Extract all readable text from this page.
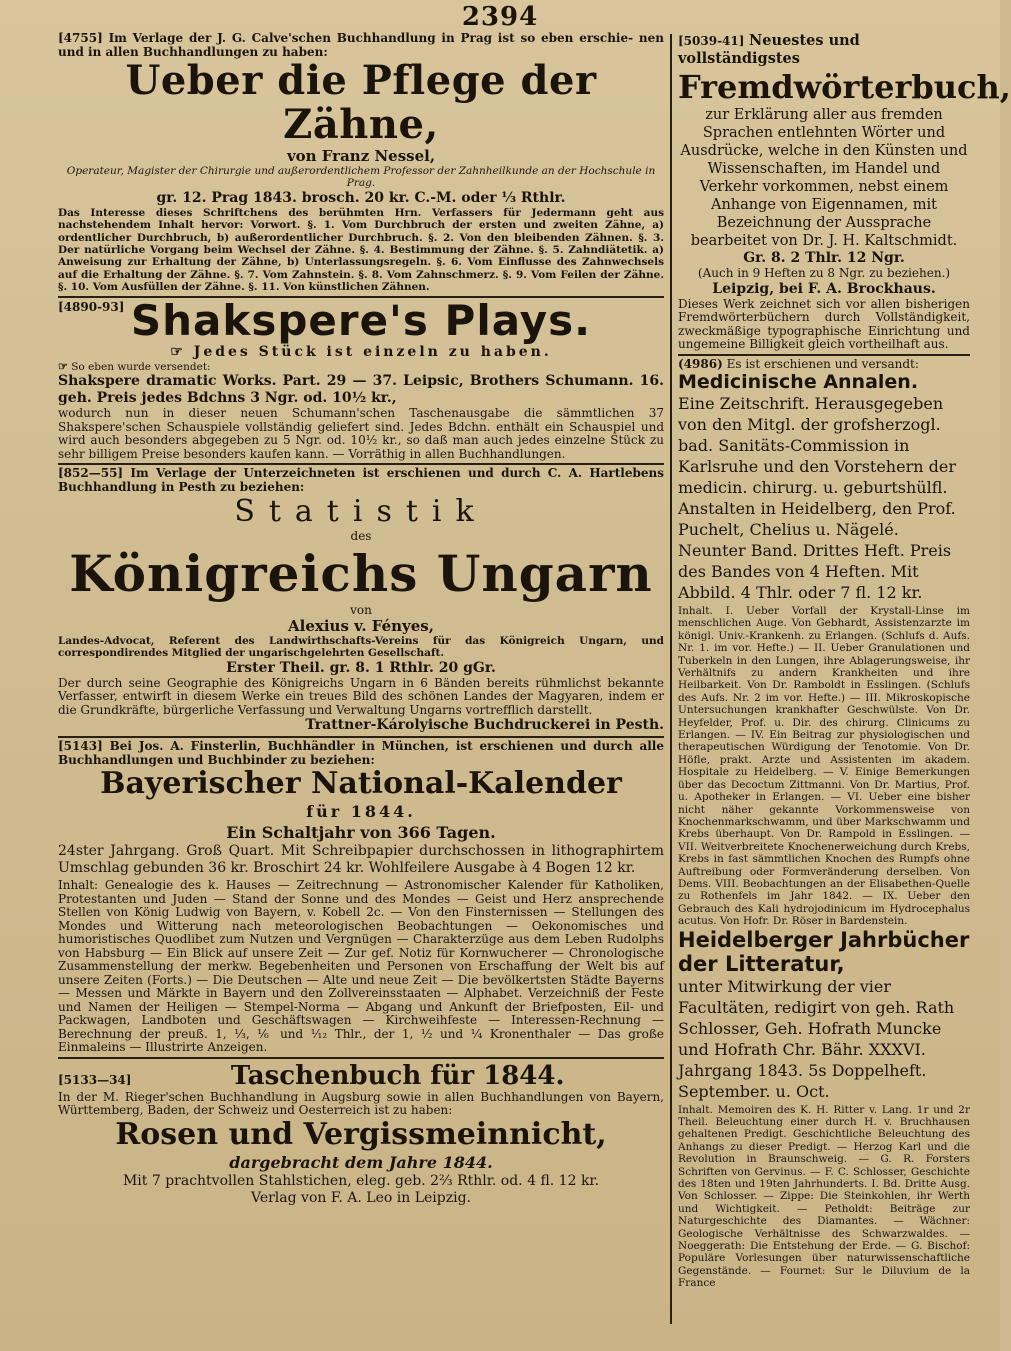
2394

[4755] Im Verlage der J. G. Calve'schen Buchhandlung in Prag ist so eben erschie- nen und in allen Buchhandlungen zu haben:

Ueber die Pflege der Zähne,

von Franz Nessel,

Operateur, Magister der Chirurgie und außerordentlichem Professor der Zahnheilkunde an der Hochschule in Prag.

gr. 12. Prag 1843. brosch. 20 kr. C.-M. oder ⅓ Rthlr.

Das Interesse dieses Schriftchens des berühmten Hrn. Verfassers für Jedermann geht aus nachstehendem Inhalt hervor: Vorwort. §. 1. Vom Durchbruch der ersten und zweiten Zähne, a) ordentlicher Durchbruch, b) außerordentlicher Durchbruch. §. 2. Von den bleibenden Zähnen. §. 3. Der natürliche Vorgang beim Wechsel der Zähne. §. 4. Bestimmung der Zähne. §. 5. Zahndiätetik. a) Anweisung zur Erhaltung der Zähne, b) Unterlassungsregeln. §. 6. Vom Einflusse des Zahnwechsels auf die Erhaltung der Zähne. §. 7. Vom Zahnstein. §. 8. Vom Zahnschmerz. §. 9. Vom Feilen der Zähne. §. 10. Vom Ausfüllen der Zähne. §. 11. Von künstlichen Zähnen.

[4890-93] Shakspere's Plays.

☞ Jedes Stück ist einzeln zu haben.

☞ So eben wurde versendet:

Shakspere dramatic Works. Part. 29 — 37. Leipsic, Brothers Schumann. 16. geh. Preis jedes Bdchns 3 Ngr. od. 10½ kr.,

wodurch nun in dieser neuen Schumann'schen Taschenausgabe die sämmtlichen 37 Shakspere'schen Schauspiele vollständig geliefert sind. Jedes Bdchn. enthält ein Schauspiel und wird auch besonders abgegeben zu 5 Ngr. od. 10½ kr., so daß man auch jedes einzelne Stück zu sehr billigem Preise besonders kaufen kann. — Vorräthig in allen Buchhandlungen.

[852—55] Im Verlage der Unterzeichneten ist erschienen und durch C. A. Hartlebens Buchhandlung in Pesth zu beziehen:

Statistik

des

Königreichs Ungarn

von

Alexius v. Fényes,

Landes-Advocat, Referent des Landwirthschafts-Vereins für das Königreich Ungarn, und correspondirendes Mitglied der ungarischgelehrten Gesellschaft.

Erster Theil. gr. 8. 1 Rthlr. 20 gGr.

Der durch seine Geographie des Königreichs Ungarn in 6 Bänden bereits rühmlichst bekannte Verfasser, entwirft in diesem Werke ein treues Bild des schönen Landes der Magyaren, indem er die Grundkräfte, bürgerliche Verfassung und Verwaltung Ungarns vortrefflich darstellt.

Trattner-Károlyische Buchdruckerei in Pesth.

[5143] Bei Jos. A. Finsterlin, Buchhändler in München, ist erschienen und durch alle Buchhandlungen und Buchbinder zu beziehen:

Bayerischer National-Kalender

für 1844.

Ein Schaltjahr von 366 Tagen.

24ster Jahrgang. Groß Quart. Mit Schreibpapier durchschossen in lithographirtem Umschlag gebunden 36 kr. Broschirt 24 kr. Wohlfeilere Ausgabe à 4 Bogen 12 kr.

Inhalt: Genealogie des k. Hauses — Zeitrechnung — Astronomischer Kalender für Katholiken, Protestanten und Juden — Stand der Sonne und des Mondes — Geist und Herz ansprechende Stellen von König Ludwig von Bayern, v. Kobell 2c. — Von den Finsternissen — Stellungen des Mondes und Witterung nach meteorologischen Beobachtungen — Oekonomisches und humoristisches Quodlibet zum Nutzen und Vergnügen — Charakterzüge aus dem Leben Rudolphs von Habsburg — Ein Blick auf unsere Zeit — Zur gef. Notiz für Kornwucherer — Chronologische Zusammenstellung der merkw. Begebenheiten und Personen von Erschaffung der Welt bis auf unsere Zeiten (Forts.) — Die Deutschen — Alte und neue Zeit — Die bevölkertsten Städte Bayerns — Messen und Märkte in Bayern und den Zollvereinsstaaten — Alphabet. Verzeichniß der Feste und Namen der Heiligen — Stempel-Norma — Abgang und Ankunft der Briefposten, Eil- und Packwagen, Landboten und Geschäftswagen — Kirchweihfeste — Interessen-Rechnung — Berechnung der preuß. 1, ⅓, ⅙ und ⅟₁₂ Thlr., der 1, ½ und ¼ Kronenthaler — Das große Einmaleins — Illustrirte Anzeigen.

[5133—34]	Taschenbuch für 1844.

In der M. Rieger'schen Buchhandlung in Augsburg sowie in allen Buchhandlungen von Bayern, Württemberg, Baden, der Schweiz und Oesterreich ist zu haben:

Rosen und Vergissmeinnicht,

dargebracht dem Jahre 1844.

Mit 7 prachtvollen Stahlstichen, eleg. geb. 2⅔ Rthlr. od. 4 fl. 12 kr.

Verlag von F. A. Leo in Leipzig.

[5039-41] Neuestes und vollständigstes

Fremdwörterbuch,

zur Erklärung aller aus fremden Sprachen entlehnten Wörter und Ausdrücke, welche in den Künsten und Wissenschaften, im Handel und Verkehr vorkommen, nebst einem Anhange von Eigennamen, mit Bezeichnung der Aussprache bearbeitet von Dr. J. H. Kaltschmidt.

Gr. 8. 2 Thlr. 12 Ngr.

(Auch in 9 Heften zu 8 Ngr. zu beziehen.)

Leipzig, bei F. A. Brockhaus.

Dieses Werk zeichnet sich vor allen bisherigen Fremdwörterbüchern durch Vollständigkeit, zweckmäßige typographische Einrichtung und ungemeine Billigkeit gleich vortheilhaft aus.

(4986) Es ist erschienen und versandt:

Medicinische Annalen.

Eine Zeitschrift. Herausgegeben von den Mitgl. der grofsherzogl. bad. Sanitäts-Commission in Karlsruhe und den Vorstehern der medicin. chirurg. u. geburtshülfl. Anstalten in Heidelberg, den Prof. Puchelt, Chelius u. Nägelé. Neunter Band. Drittes Heft. Preis des Bandes von 4 Heften. Mit Abbild. 4 Thlr. oder 7 fl. 12 kr.

Inhalt. I. Ueber Vorfall der Krystall-Linse im menschlichen Auge. Von Gebhardt, Assistenzarzte im königl. Univ.-Krankenh. zu Erlangen. (Schlufs d. Aufs. Nr. 1. im vor. Hefte.) — II. Ueber Granulationen und Tuberkeln in den Lungen, ihre Ablagerungsweise, ihr Verhältnifs zu andern Krankheiten und ihre Heilbarkeit. Von Dr. Ramboldt in Esslingen. (Schlufs des Aufs. Nr. 2 im vor. Hefte.) — III. Mikroskopische Untersuchungen krankhafter Geschwülste. Von Dr. Heyfelder, Prof. u. Dir. des chirurg. Clinicums zu Erlangen. — IV. Ein Beitrag zur physiologischen und therapeutischen Würdigung der Tenotomie. Von Dr. Höfle, prakt. Arzte und Assistenten im akadem. Hospitale zu Heidelberg. — V. Einige Bemerkungen über das Decoctum Zittmanni. Von Dr. Martius, Prof. u. Apotheker in Erlangen. — VI. Ueber eine bisher nicht näher gekannte Vorkommensweise von Knochenmarkschwamm, und über Markschwamm und Krebs überhaupt. Von Dr. Rampold in Esslingen. — VII. Weitverbreitete Knochenerweichung durch Krebs, Krebs in fast sämmtlichen Knochen des Rumpfs ohne Auftreibung oder Formveränderung derselben. Von Dems. VIII. Beobachtungen an der Elisabethen-Quelle zu Rothenfels im Jahr 1842. — IX. Ueber den Gebrauch des Kali hydrojodinicum im Hydrocephalus acutus. Von Hofr. Dr. Röser in Bardenstein.

Heidelberger Jahrbücher der Litteratur,

unter Mitwirkung der vier Facultäten, redigirt von geh. Rath Schlosser, Geh. Hofrath Muncke und Hofrath Chr. Bähr. XXXVI. Jahrgang 1843. 5s Doppelheft. September. u. Oct.

Inhalt. Memoiren des K. H. Ritter v. Lang. 1r und 2r Theil. Beleuchtung einer durch H. v. Bruchhausen gehaltenen Predigt. Geschichtliche Beleuchtung des Anhangs zu dieser Predigt. — Herzog Karl und die Revolution in Braunschweig. — G. R. Forsters Schriften von Gervinus. — F. C. Schlosser, Geschichte des 18ten und 19ten Jahrhunderts. I. Bd. Dritte Ausg. Von Schlosser. — Zippe: Die Steinkohlen, ihr Werth und Wichtigkeit. — Petholdt: Beiträge zur Naturgeschichte des Diamantes. — Wächner: Geologische Verhältnisse des Schwarzwaldes. — Noeggerath: Die Entstehung der Erde. — G. Bischof: Populäre Vorlesungen über naturwissenschaftliche Gegenstände. — Fournet: Sur le Diluvium de la France
